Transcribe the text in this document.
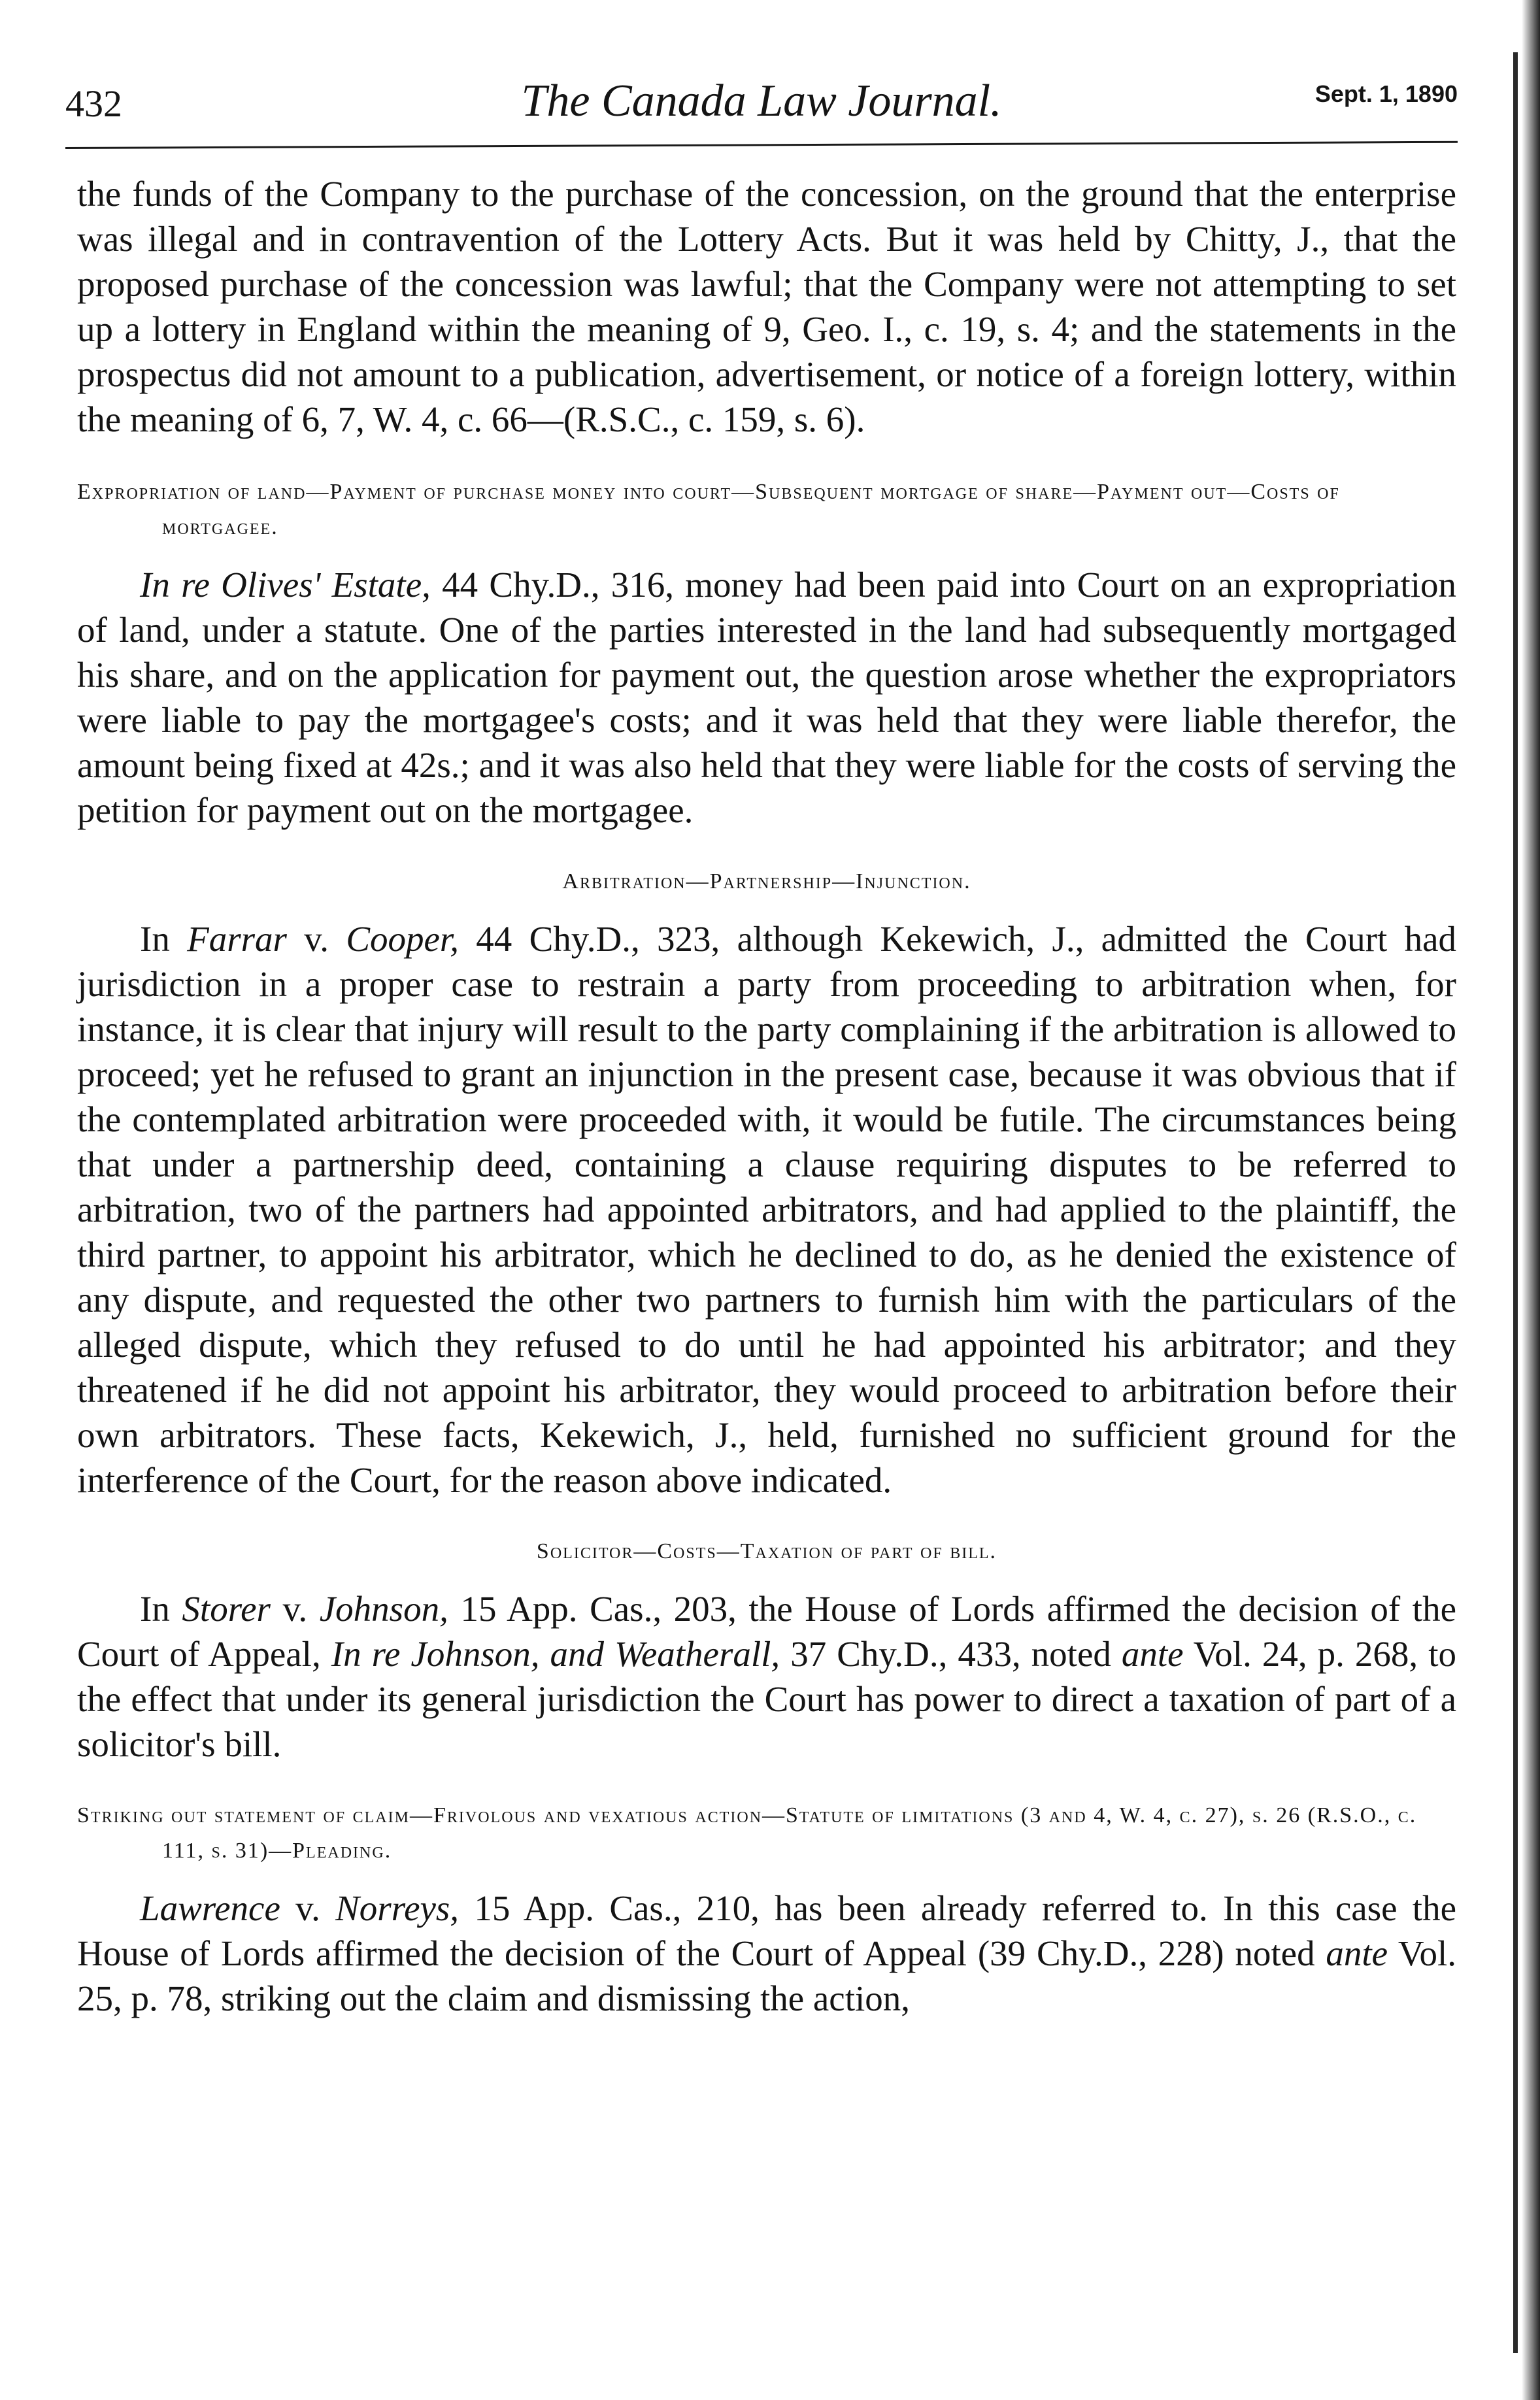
432	The Canada Law Journal.	Sept. 1, 1890

the funds of the Company to the purchase of the concession, on the ground that the enterprise was illegal and in contravention of the Lottery Acts. But it was held by Chitty, J., that the proposed purchase of the concession was lawful; that the Company were not attempting to set up a lottery in England within the meaning of 9, Geo. I., c. 19, s. 4; and the statements in the prospectus did not amount to a publication, advertisement, or notice of a foreign lottery, within the meaning of 6, 7, W. 4, c. 66—(R.S.C., c. 159, s. 6).

Expropriation of land—Payment of purchase money into court—Subsequent mortgage of share—Payment out—Costs of mortgagee.

In re Olives' Estate, 44 Chy.D., 316, money had been paid into Court on an expropriation of land, under a statute. One of the parties interested in the land had subsequently mortgaged his share, and on the application for payment out, the question arose whether the expropriators were liable to pay the mortgagee's costs; and it was held that they were liable therefor, the amount being fixed at 42s.; and it was also held that they were liable for the costs of serving the petition for payment out on the mortgagee.

Arbitration—Partnership—Injunction.

In Farrar v. Cooper, 44 Chy.D., 323, although Kekewich, J., admitted the Court had jurisdiction in a proper case to restrain a party from proceeding to arbitration when, for instance, it is clear that injury will result to the party complaining if the arbitration is allowed to proceed; yet he refused to grant an injunction in the present case, because it was obvious that if the contemplated arbitration were proceeded with, it would be futile. The circumstances being that under a partnership deed, containing a clause requiring disputes to be referred to arbitration, two of the partners had appointed arbitrators, and had applied to the plaintiff, the third partner, to appoint his arbitrator, which he declined to do, as he denied the existence of any dispute, and requested the other two partners to furnish him with the particulars of the alleged dispute, which they refused to do until he had appointed his arbitrator; and they threatened if he did not appoint his arbitrator, they would proceed to arbitration before their own arbitrators. These facts, Kekewich, J., held, furnished no sufficient ground for the interference of the Court, for the reason above indicated.

Solicitor—Costs—Taxation of part of bill.

In Storer v. Johnson, 15 App. Cas., 203, the House of Lords affirmed the decision of the Court of Appeal, In re Johnson, and Weatherall, 37 Chy.D., 433, noted ante Vol. 24, p. 268, to the effect that under its general jurisdiction the Court has power to direct a taxation of part of a solicitor's bill.

Striking out statement of claim—Frivolous and vexatious action—Statute of limitations (3 and 4, W. 4, c. 27), s. 26 (R.S.O., c. 111, s. 31)—Pleading.

Lawrence v. Norreys, 15 App. Cas., 210, has been already referred to. In this case the House of Lords affirmed the decision of the Court of Appeal (39 Chy.D., 228) noted ante Vol. 25, p. 78, striking out the claim and dismissing the action,
